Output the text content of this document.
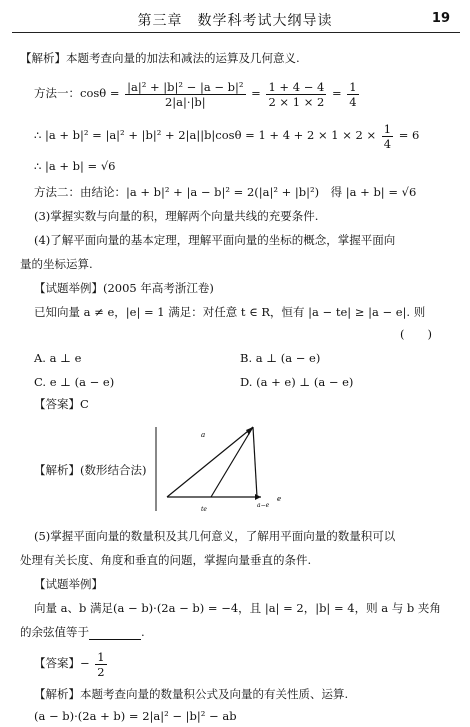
第三章　数学科考试大纲导读	19
【解析】本题考查向量的加法和减法的运算及几何意义.
方法一：$\cos\theta = \frac{\text{|a|² + |b|² − |a − b|²}}{2|a|\cdot|b|} = \frac{1 + 4 - 4}{2 \times 1 \times 2} = \frac{1}{4}$
∴ $|a + b|^2 = |a|^2 + |b|^2 + 2|a||b|\cos\theta = 1 + 4 + 2 \times 1 \times 2 \times \frac{1}{4} = 6$
∴ |a + b| = √6
方法二：由结论：|a + b|² + |a − b|² = 2(|a|² + |b|²)　得 |a + b| = √6
(3)掌握实数与向量的积，理解两个向量共线的充要条件.
(4)了解平面向量的基本定理，理解平面向量的坐标的概念，掌握平面向
量的坐标运算.
【试题举例】(2005 年高考浙江卷)
已知向量 a ≠ e，|e| = 1 满足：对任意 t ∈ R，恒有 |a − te| ≥ |a − e|. 则
(　　)
A. a ⊥ e	B. a ⊥ (a − e)
C. e ⊥ (a − e)	D. (a + e) ⊥ (a − e)
【答案】C
【解析】(数形结合法)
a
e
a−e
te
(5)掌握平面向量的数量积及其几何意义，了解用平面向量的数量积可以
处理有关长度、角度和垂直的问题，掌握向量垂直的条件.
【试题举例】
向量 a、b 满足(a − b)·(2a − b) = −4，且 |a| = 2，|b| = 4，则 a 与 b 夹角
的余弦值等于	.
【答案】− $\frac{1}{2}$
【解析】本题考查向量的数量积公式及向量的有关性质、运算.
(a − b)·(2a + b) = 2|a|² − |b|² − ab
